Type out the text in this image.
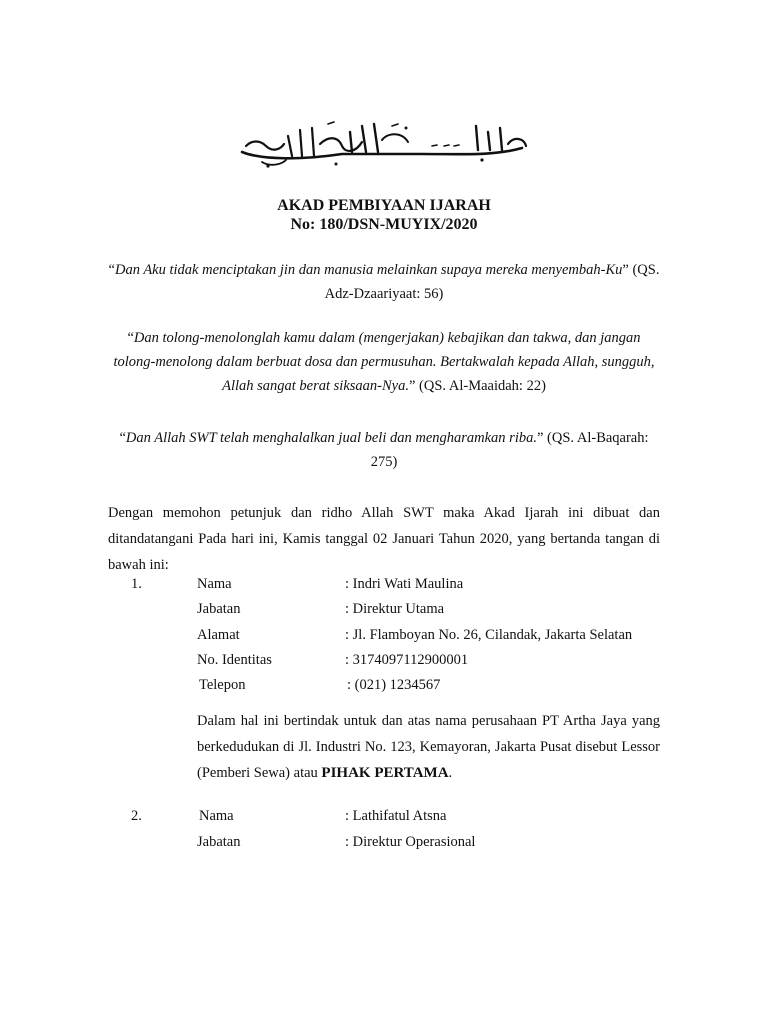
AKAD PEMBIYAAN IJARAH
No: 180/DSN-MUYIX/2020
“Dan Aku tidak menciptakan jin dan manusia melainkan supaya mereka menyembah-Ku” (QS. Adz-Dzaariyaat: 56)
“Dan tolong-menolonglah kamu dalam (mengerjakan) kebajikan dan takwa, dan jangan tolong-menolong dalam berbuat dosa dan permusuhan. Bertakwalah kepada Allah, sungguh, Allah sangat berat siksaan-Nya.” (QS. Al-Maaidah: 22)
“Dan Allah SWT telah menghalalkan jual beli dan mengharamkan riba.” (QS. Al-Baqarah: 275)
Dengan memohon petunjuk dan ridho Allah SWT maka Akad Ijarah ini dibuat dan ditandatangani Pada hari ini, Kamis tanggal 02 Januari Tahun 2020, yang bertanda tangan di bawah ini:
1.	Nama	: Indri Wati Maulina
Jabatan	: Direktur Utama
Alamat	: Jl. Flamboyan No. 26, Cilandak, Jakarta Selatan
No. Identitas	: 3174097112900001
Telepon	: (021) 1234567
Dalam hal ini bertindak untuk dan atas nama perusahaan PT Artha Jaya yang berkedudukan di Jl. Industri No. 123, Kemayoran, Jakarta Pusat disebut Lessor (Pemberi Sewa) atau PIHAK PERTAMA.
2.	Nama	: Lathifatul Atsna
Jabatan	: Direktur Operasional
